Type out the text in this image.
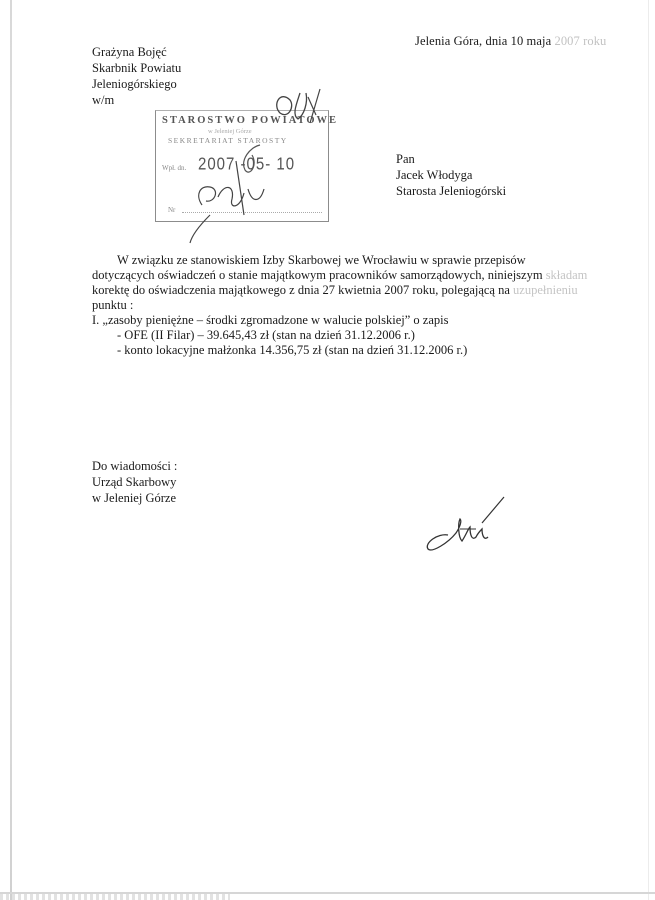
Jelenia Góra, dnia 10 maja 2007 roku
Grażyna Bojęć
Skarbnik Powiatu
Jeleniogórskiego
w/m
STAROSTWO POWIATOWE
w Jeleniej Górze
SEKRETARIAT STAROSTY
Wpł. dn. 2007 -05- 10
Nr
Pan
Jacek Włodyga
Starosta Jeleniogórski
W związku ze stanowiskiem Izby Skarbowej we Wrocławiu w sprawie przepisów
dotyczących oświadczeń o stanie majątkowym pracowników samorządowych, niniejszym składam
korektę do oświadczenia majątkowego z dnia 27 kwietnia 2007 roku, polegającą na uzupełnieniu
punktu :
I. „zasoby pieniężne – środki zgromadzone w walucie polskiej” o zapis
- OFE (II Filar) – 39.645,43 zł (stan na dzień 31.12.2006 r.)
- konto lokacyjne małżonka 14.356,75 zł (stan na dzień 31.12.2006 r.)
Do wiadomości :
Urząd Skarbowy
w Jeleniej Górze
